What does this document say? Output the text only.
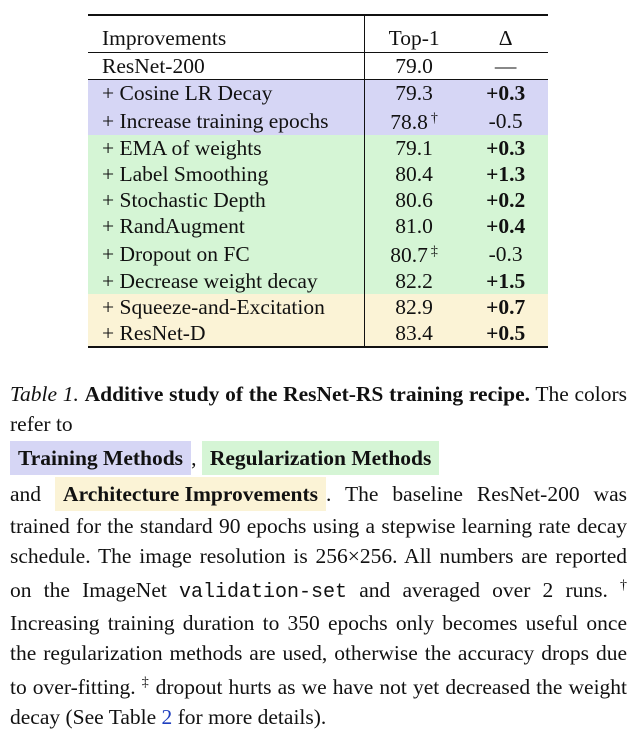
Improvements	Top-1	Δ
ResNet-200	79.0	—
+ Cosine LR Decay	79.3	+0.3
+ Increase training epochs	78.8 †	-0.5
+ EMA of weights	79.1	+0.3
+ Label Smoothing	80.4	+1.3
+ Stochastic Depth	80.6	+0.2
+ RandAugment	81.0	+0.4
+ Dropout on FC	80.7 ‡	-0.3
+ Decrease weight decay	82.2	+1.5
+ Squeeze-and-Excitation	82.9	+0.7
+ ResNet-D	83.4	+0.5

Table 1. Additive study of the ResNet-RS training recipe. The colors refer to

Training Methods , Regularization Methods

and Architecture Improvements . The baseline ResNet-200 was trained for the standard 90 epochs using a stepwise learning rate decay schedule. The image resolution is 256×256. All numbers are reported on the ImageNet validation-set and averaged over 2 runs. † Increasing training duration to 350 epochs only becomes useful once the regularization methods are used, otherwise the accuracy drops due to over-fitting. ‡ dropout hurts as we have not yet decreased the weight decay (See Table 2 for more details).
